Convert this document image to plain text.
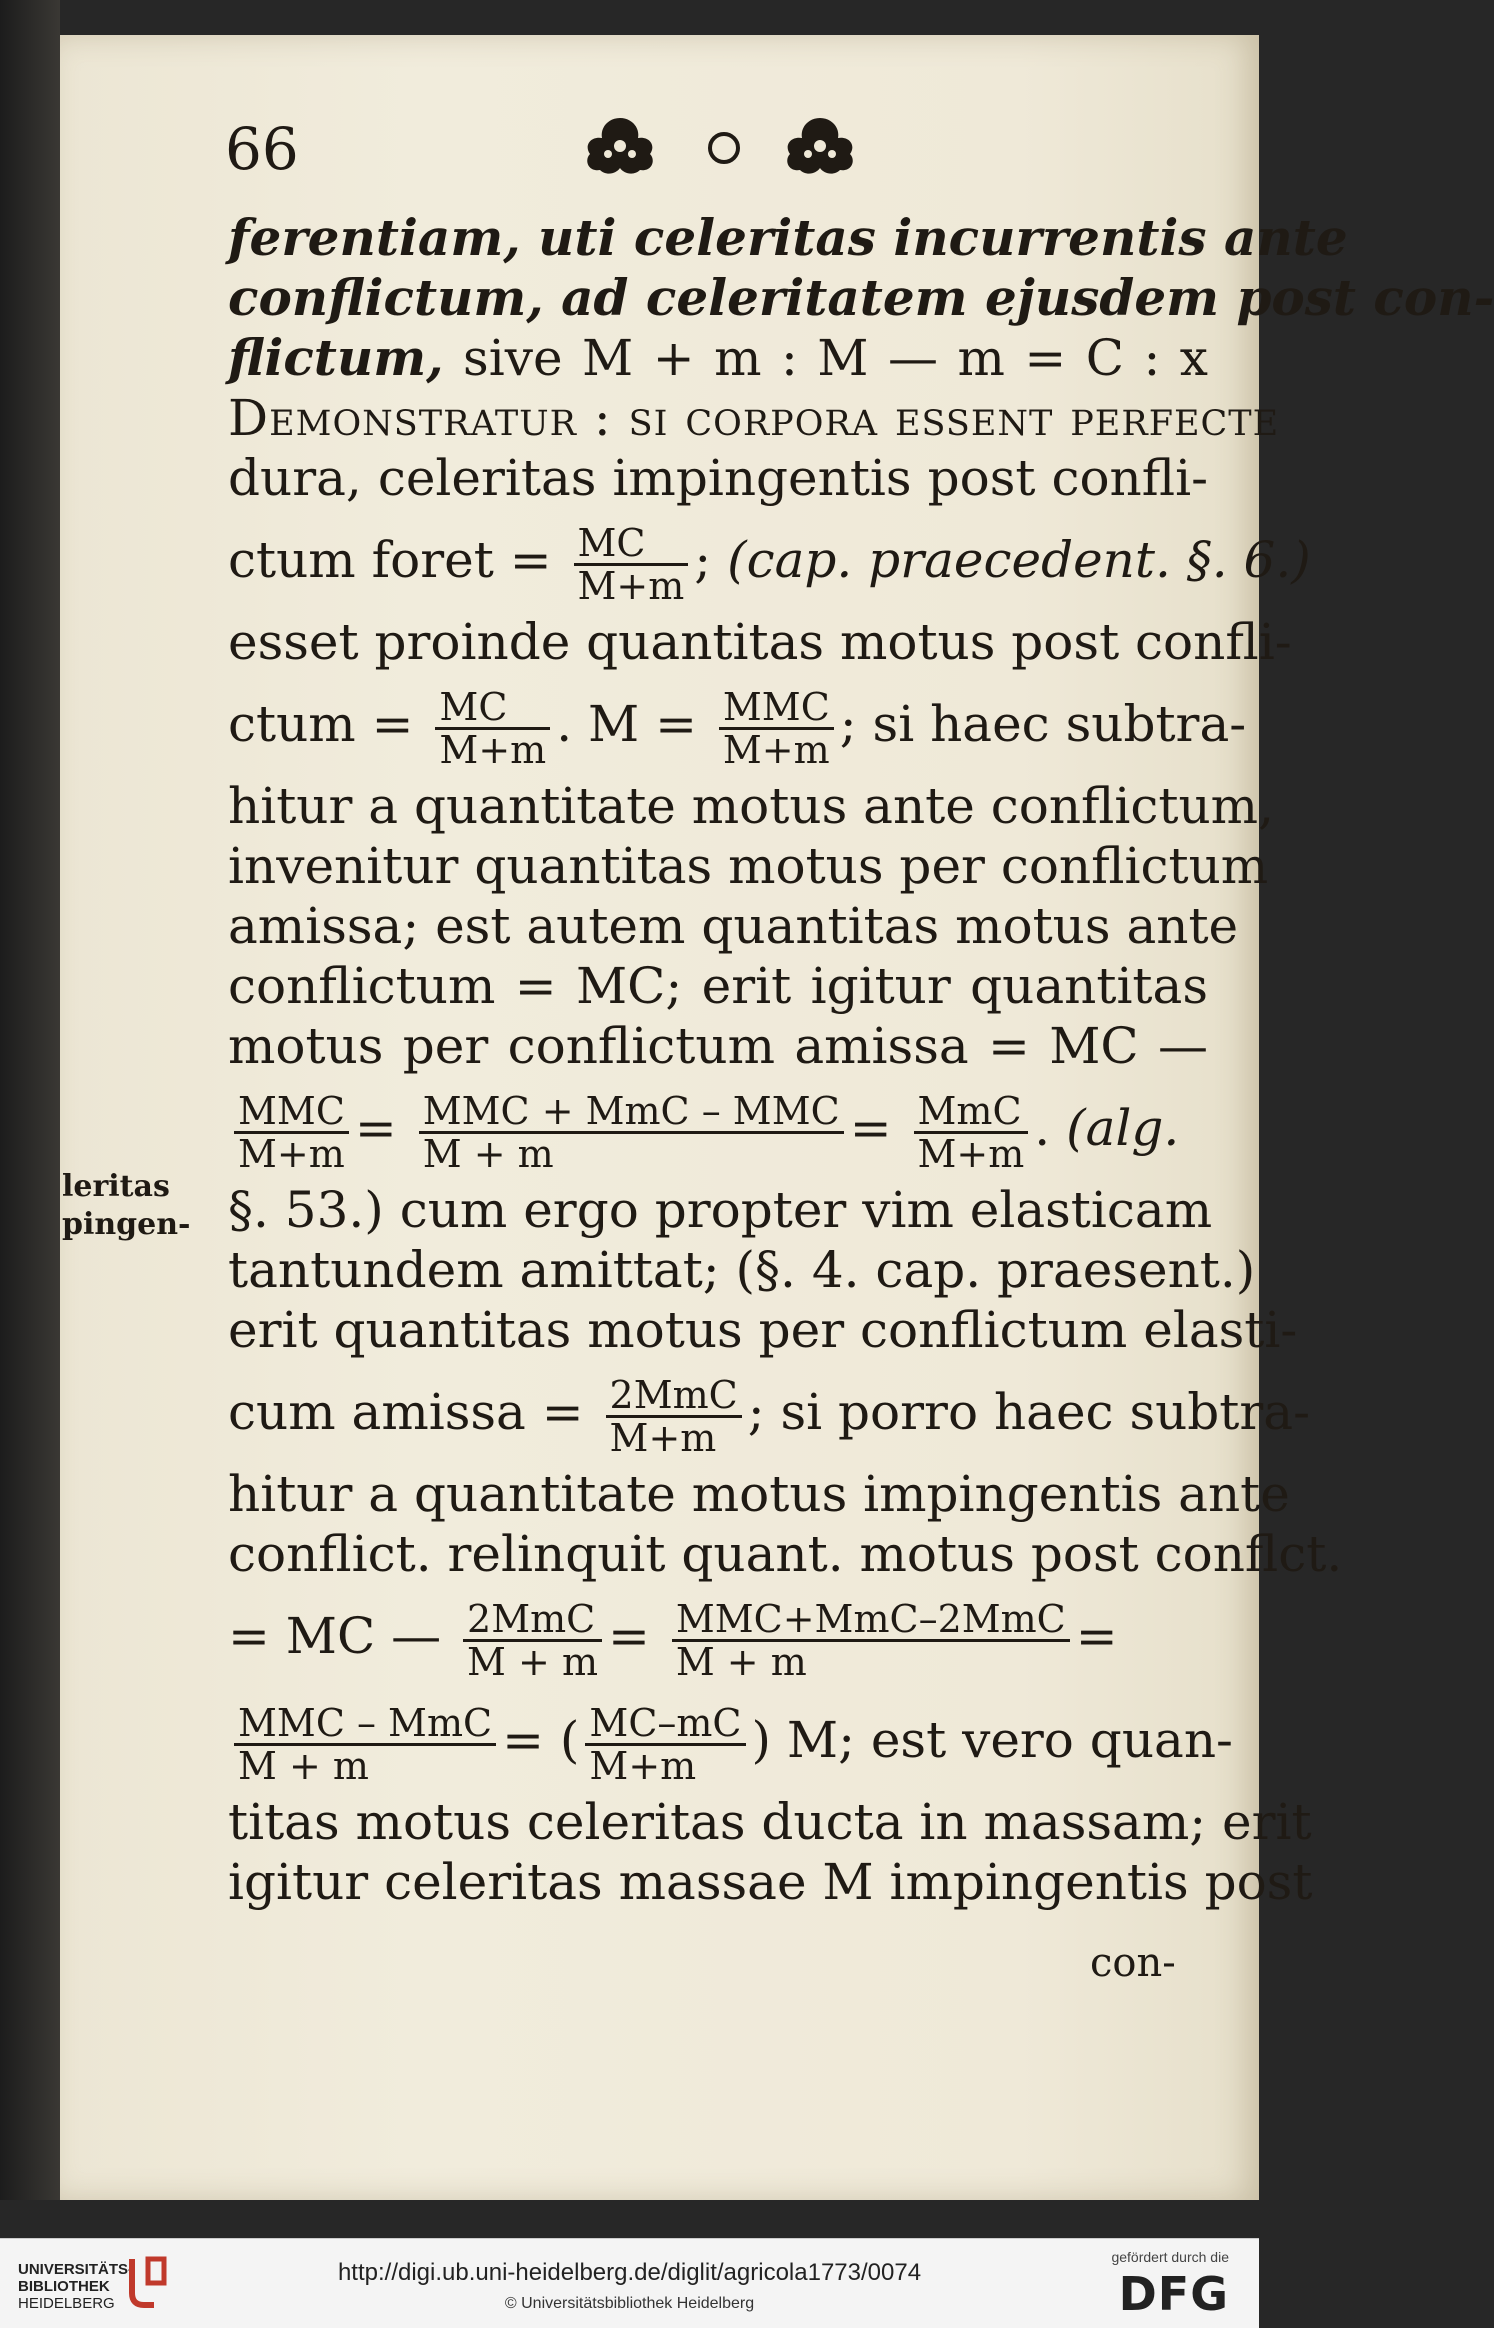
66
ferentiam, uti celeritas incurrentis ante
conflictum, ad celeritatem ejusdem post con-
flictum, sive M + m : M — m = C : x
Demonstratur : si corpora essent perfecte
dura, celeritas impingentis post confli-
ctum foret = $\frac{MC}{M+m}$ ; (cap. praecedent. §. 6.)
esset proinde quantitas motus post confli-
ctum = $\frac{MC}{M+m}$ . $M = \frac{\text{MMC}}{M+m}$ ; si haec subtra-
hitur a quantitate motus ante conflictum,
invenitur quantitas motus per conflictum
amissa; est autem quantitas motus ante
conflictum = MC; erit igitur quantitas
motus per conflictum amissa = MC —
$\frac{\text{MMC}}{M+m} = \frac{\text{MMC + MmC – MMC}}{M + m} = \frac{\text{MmC}}{M+m}$ . (alg.
§. 53.) cum ergo propter vim elasticam
tantundem amittat; (§. 4. cap. praesent.)
erit quantitas motus per conflictum elasti-
cum amissa = $\frac{\text{2MmC}}{M+m}$ ; si porro haec subtra-
hitur a quantitate motus impingentis ante
conflict. relinquit quant. motus post conflct.
= MC — $\frac{\text{2MmC}}{M + m} = \frac{\text{MMC+MmC–2MmC}}{M + m}$ =
$\frac{\text{MMC – MmC}}{M + m}$ = ( $\frac{MC-mC}{M+m}$ ) M; est vero quan-
titas motus celeritas ducta in massam; erit
igitur celeritas massae M impingentis post
leritas
pingen-
con-
UNIVERSITÄTS-
BIBLIOTHEK
HEIDELBERG
http://digi.ub.uni-heidelberg.de/diglit/agricola1773/0074
© Universitätsbibliothek Heidelberg
gefördert durch die
DFG
